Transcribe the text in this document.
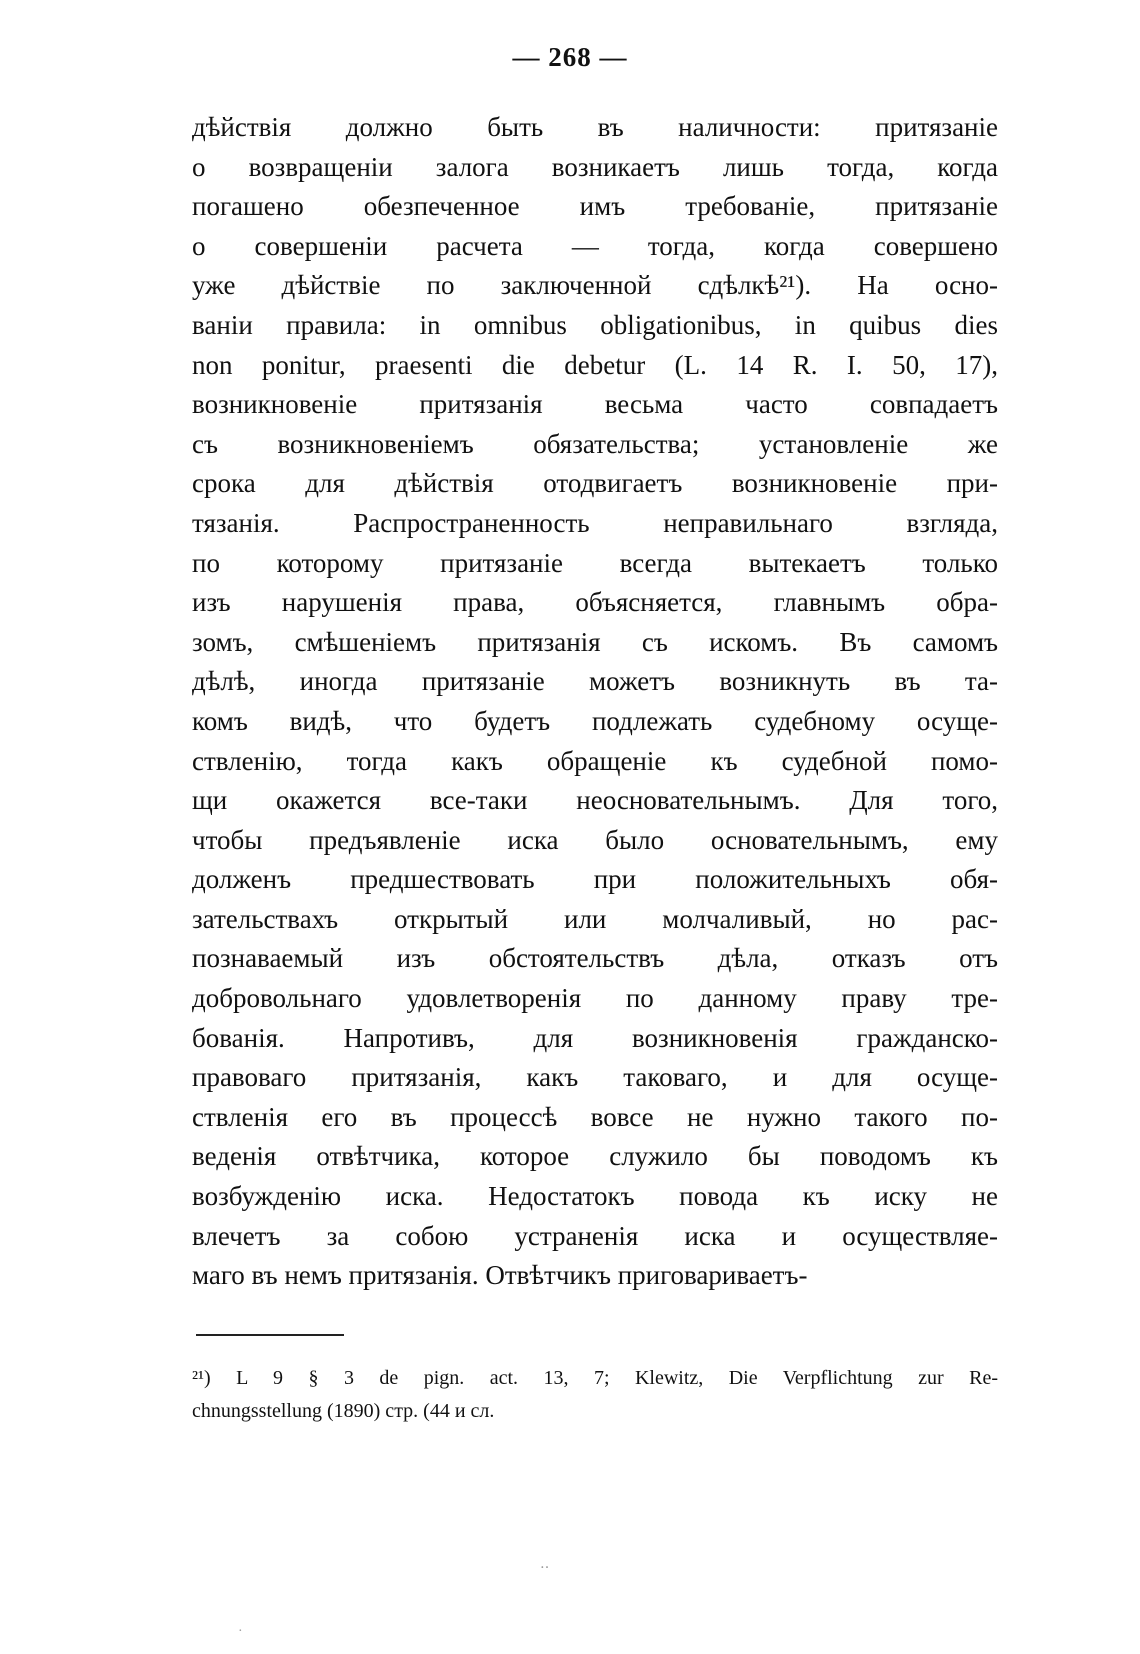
— 268 —
дѣйствія должно быть въ наличности: притязаніе
о возвращеніи залога возникаетъ лишь тогда, когда
погашено обезпеченное имъ требованіе, притязаніе
о совершеніи расчета — тогда, когда совершено
уже дѣйствіе по заключенной сдѣлкѣ²¹). На осно-
ваніи правила: in omnibus obligationibus, in quibus dies
non ponitur, praesenti die debetur (L. 14 R. I. 50, 17),
возникновеніе притязанія весьма часто совпадаетъ
съ возникновеніемъ обязательства; установленіе же
срока для дѣйствія отодвигаетъ возникновеніе при-
тязанія. Распространенность неправильнаго взгляда,
по которому притязаніе всегда вытекаетъ только
изъ нарушенія права, объясняется, главнымъ обра-
зомъ, смѣшеніемъ притязанія съ искомъ. Въ самомъ
дѣлѣ, иногда притязаніе можетъ возникнуть въ та-
комъ видѣ, что будетъ подлежать судебному осуще-
ствленію, тогда какъ обращеніе къ судебной помо-
щи окажется все-таки неосновательнымъ. Для того,
чтобы предъявленіе иска было основательнымъ, ему
долженъ предшествовать при положительныхъ обя-
зательствахъ открытый или молчаливый, но рас-
познаваемый изъ обстоятельствъ дѣла, отказъ отъ
добровольнаго удовлетворенія по данному праву тре-
бованія. Напротивъ, для возникновенія гражданско-
правоваго притязанія, какъ таковаго, и для осуще-
ствленія его въ процессѣ вовсе не нужно такого по-
веденія отвѣтчика, которое служило бы поводомъ къ
возбужденію иска. Недостатокъ повода къ иску не
влечетъ за собою устраненія иска и осуществляе-
маго въ немъ притязанія. Отвѣтчикъ приговариваетъ-
²¹) L 9 § 3 de pign. act. 13, 7; Klewitz, Die Verpflichtung zur Re-
chnungsstellung (1890) стр. (44 и сл.
‥
·
